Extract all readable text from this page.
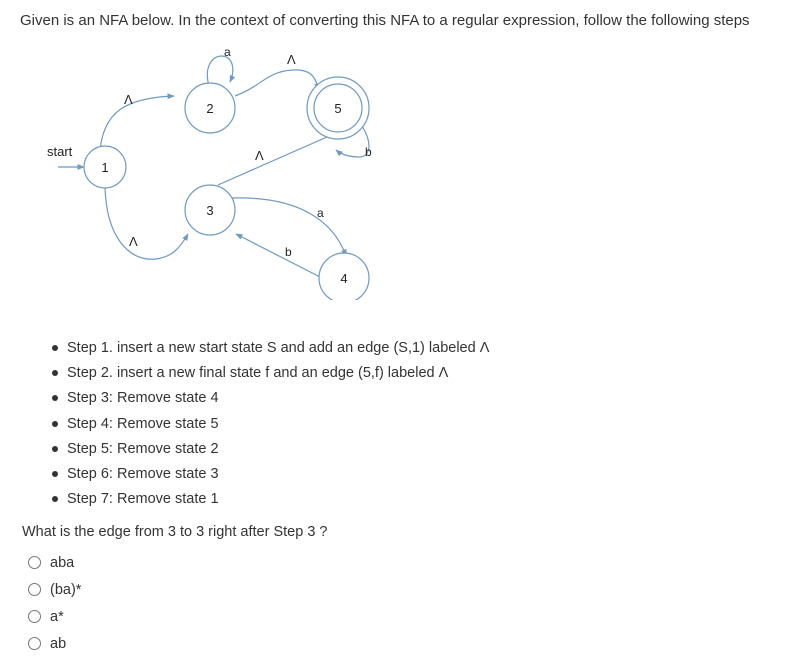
Given is an NFA below. In the context of converting this NFA to a regular expression, follow the following steps
start
Λ
Λ
a	Λ
Λ	b
a
b
1
2
3
5
4
Step 1. insert a new start state S and add an edge (S,1) labeled Λ
Step 2. insert a new final state f and an edge (5,f) labeled Λ
Step 3: Remove state 4
Step 4: Remove state 5
Step 5: Remove state 2
Step 6: Remove state 3
Step 7: Remove state 1
What is the edge from 3 to 3 right after Step 3 ?
aba
(ba)*
a*
ab
